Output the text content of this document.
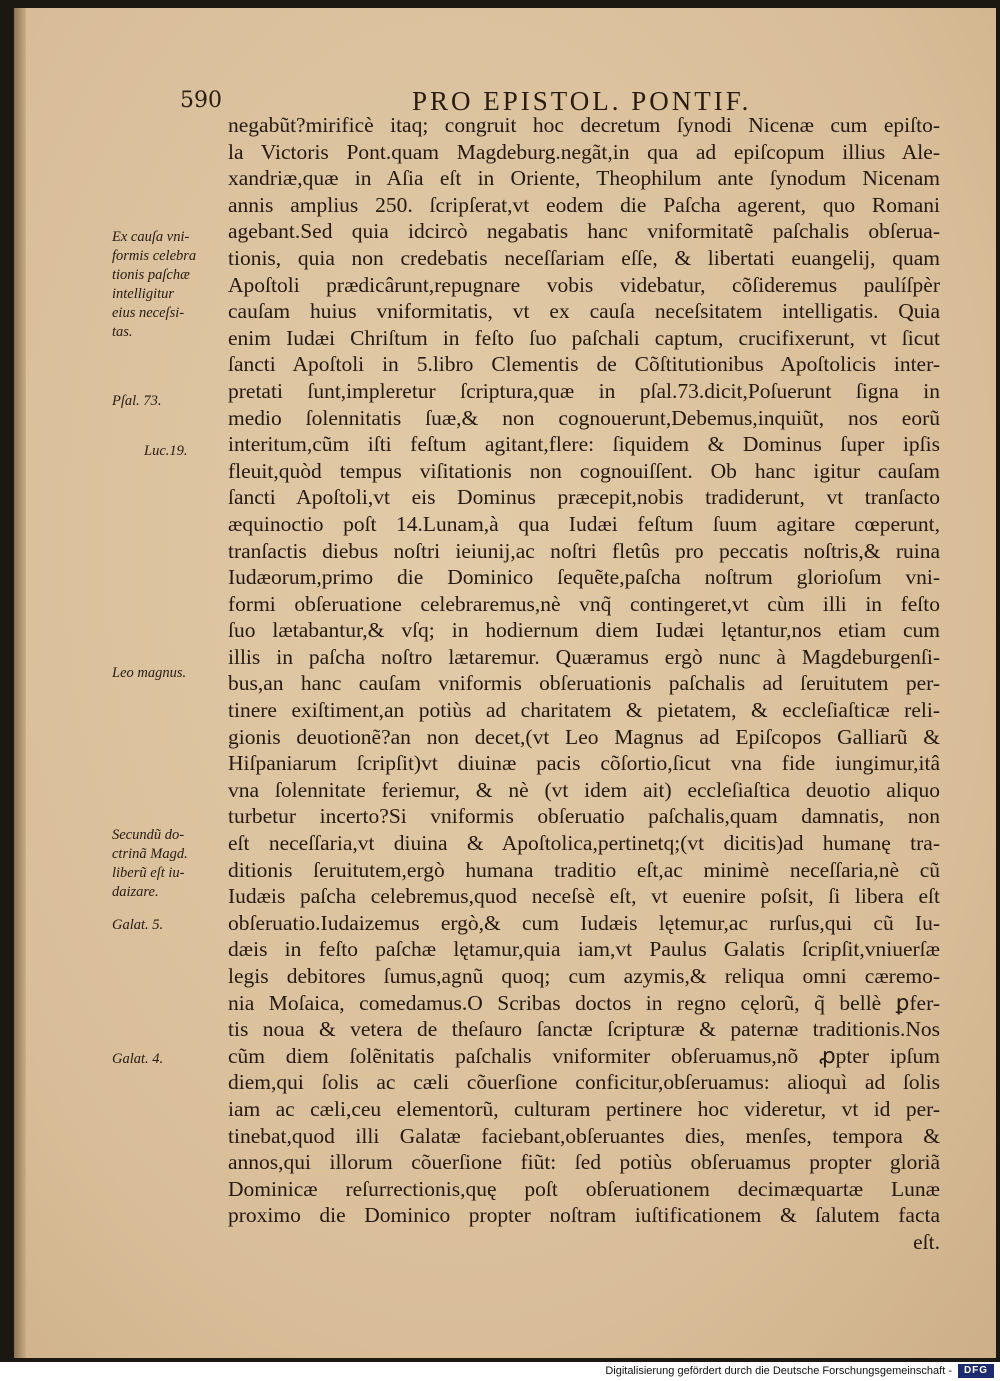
590	PRO EPISTOL. PONTIF.
negabũt?mirificè itaq; congruit hoc decretum ſynodi Nicenæ cum epiſto-
la Victoris Pont.quam Magdeburg.negãt,in qua ad epiſcopum illius Ale-
xandriæ,quæ in Aſia eſt in Oriente, Theophilum ante ſynodum Nicenam
annis amplius 250. ſcripſerat,vt eodem die Paſcha agerent, quo Romani
agebant.Sed quia idcircò negabatis hanc vniformitatẽ paſchalis obſerua-
tionis, quia non credebatis neceſſariam eſſe, & libertati euangelij, quam
Apoſtoli prædicârunt,repugnare vobis videbatur, cõſideremus paulíſpèr
cauſam huius vniformitatis, vt ex cauſa neceſsitatem intelligatis. Quia
enim Iudæi Chriſtum in feſto ſuo paſchali captum, crucifixerunt, vt ſicut
ſancti Apoſtoli in 5.libro Clementis de Cõſtitutionibus Apoſtolicis inter-
pretati ſunt,impleretur ſcriptura,quæ in pſal.73.dicit,Poſuerunt ſigna in
medio ſolennitatis ſuæ,& non cognouerunt,Debemus,inquiũt, nos eorũ
interitum,cũm iſti feſtum agitant,flere: ſiquidem & Dominus ſuper ipſis
fleuit,quòd tempus viſitationis non cognouiſſent. Ob hanc igitur cauſam
ſancti Apoſtoli,vt eis Dominus præcepit,nobis tradiderunt, vt tranſacto
æquinoctio poſt 14.Lunam,à qua Iudæi feſtum ſuum agitare cœperunt,
tranſactis diebus noſtri ieiunij,ac noſtri fletûs pro peccatis noſtris,& ruina
Iudæorum,primo die Dominico ſequẽte,paſcha noſtrum glorioſum vni-
formi obſeruatione celebraremus,nè vnq̃ contingeret,vt cùm illi in feſto
ſuo lætabantur,& vſq; in hodiernum diem Iudæi lętantur,nos etiam cum
illis in paſcha noſtro lætaremur. Quæramus ergò nunc à Magdeburgenſi-
bus,an hanc cauſam vniformis obſeruationis paſchalis ad ſeruitutem per-
tinere exiſtiment,an potiùs ad charitatem & pietatem, & eccleſiaſticæ reli-
gionis deuotionẽ?an non decet,(vt Leo Magnus ad Epiſcopos Galliarũ &
Hiſpaniarum ſcripſit)vt diuinæ pacis cõſortio,ſicut vna fide iungimur,itâ
vna ſolennitate feriemur, & nè (vt idem ait) eccleſiaſtica deuotio aliquo
turbetur incerto?Si vniformis obſeruatio paſchalis,quam damnatis, non
eſt neceſſaria,vt diuina & Apoſtolica,pertinetq;(vt dicitis)ad humanę tra-
ditionis ſeruitutem,ergò humana traditio eſt,ac minimè neceſſaria,nè cũ
Iudæis paſcha celebremus,quod neceſsè eſt, vt euenire poſsit, ſi libera eſt
obſeruatio.Iudaizemus ergò,& cum Iudæis lętemur,ac rurſus,qui cũ Iu-
dæis in feſto paſchæ lętamur,quia iam,vt Paulus Galatis ſcripſit,vniuerſæ
legis debitores ſumus,agnũ quoq; cum azymis,& reliqua omni cæremo-
nia Moſaica, comedamus.O Scribas doctos in regno cęlorũ, q̃ bellè ꝑfer-
tis noua & vetera de theſauro ſanctæ ſcripturæ & paternæ traditionis.Nos
cũm diem ſolẽnitatis paſchalis vniformiter obſeruamus,nõ ꝓpter ipſum
diem,qui ſolis ac cæli cõuerſione conficitur,obſeruamus: alioquì ad ſolis
iam ac cæli,ceu elementorũ, culturam pertinere hoc videretur, vt id per-
tinebat,quod illi Galatæ faciebant,obſeruantes dies, menſes, tempora &
annos,qui illorum cõuerſione fiũt: ſed potiùs obſeruamus propter gloriã
Dominicæ reſurrectionis,quę poſt obſeruationem decimæquartæ Lunæ
proximo die Dominico propter noſtram iuſtificationem & ſalutem facta
eſt.
Ex cauſa vni-
formis celebra
tionis paſchæ
intelligitur
eius neceſsi-
tas.
Pſal. 73.
Luc.19.
Leo magnus.
Secundũ do-
ctrinã Magd.
liberũ eſt iu-
daizare.
Galat. 5.
Galat. 4.
Digitalisierung gefördert durch die Deutsche Forschungsgemeinschaft -	DFG
